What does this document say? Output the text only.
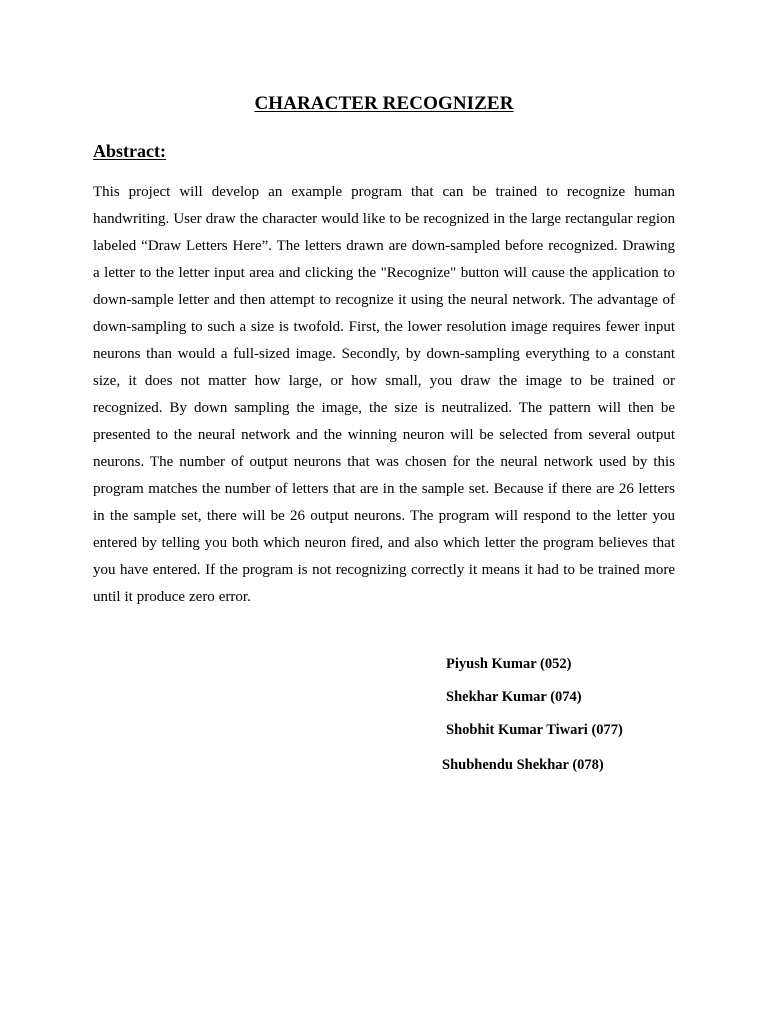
CHARACTER RECOGNIZER
Abstract:

This project will develop an example program that can be trained to recognize human handwriting. User draw the character would like to be recognized in the large rectangular region labeled “Draw Letters Here”. The letters drawn are down-sampled before recognized. Drawing a letter to the letter input area and clicking the "Recognize" button will cause the application to down-sample letter and then attempt to recognize it using the neural network. The advantage of down-sampling to such a size is twofold. First, the lower resolution image requires fewer input neurons than would a full-sized image. Secondly, by down-sampling everything to a constant size, it does not matter how large, or how small, you draw the image to be trained or recognized. By down sampling the image, the size is neutralized. The pattern will then be presented to the neural network and the winning neuron will be selected from several output neurons. The number of output neurons that was chosen for the neural network used by this program matches the number of letters that are in the sample set. Because if there are 26 letters in the sample set, there will be 26 output neurons. The program will respond to the letter you entered by telling you both which neuron fired, and also which letter the program believes that you have entered. If the program is not recognizing correctly it means it had to be trained more until it produce zero error.

Piyush Kumar (052)
Shekhar Kumar (074)
Shobhit Kumar Tiwari (077)
Shubhendu Shekhar (078)
